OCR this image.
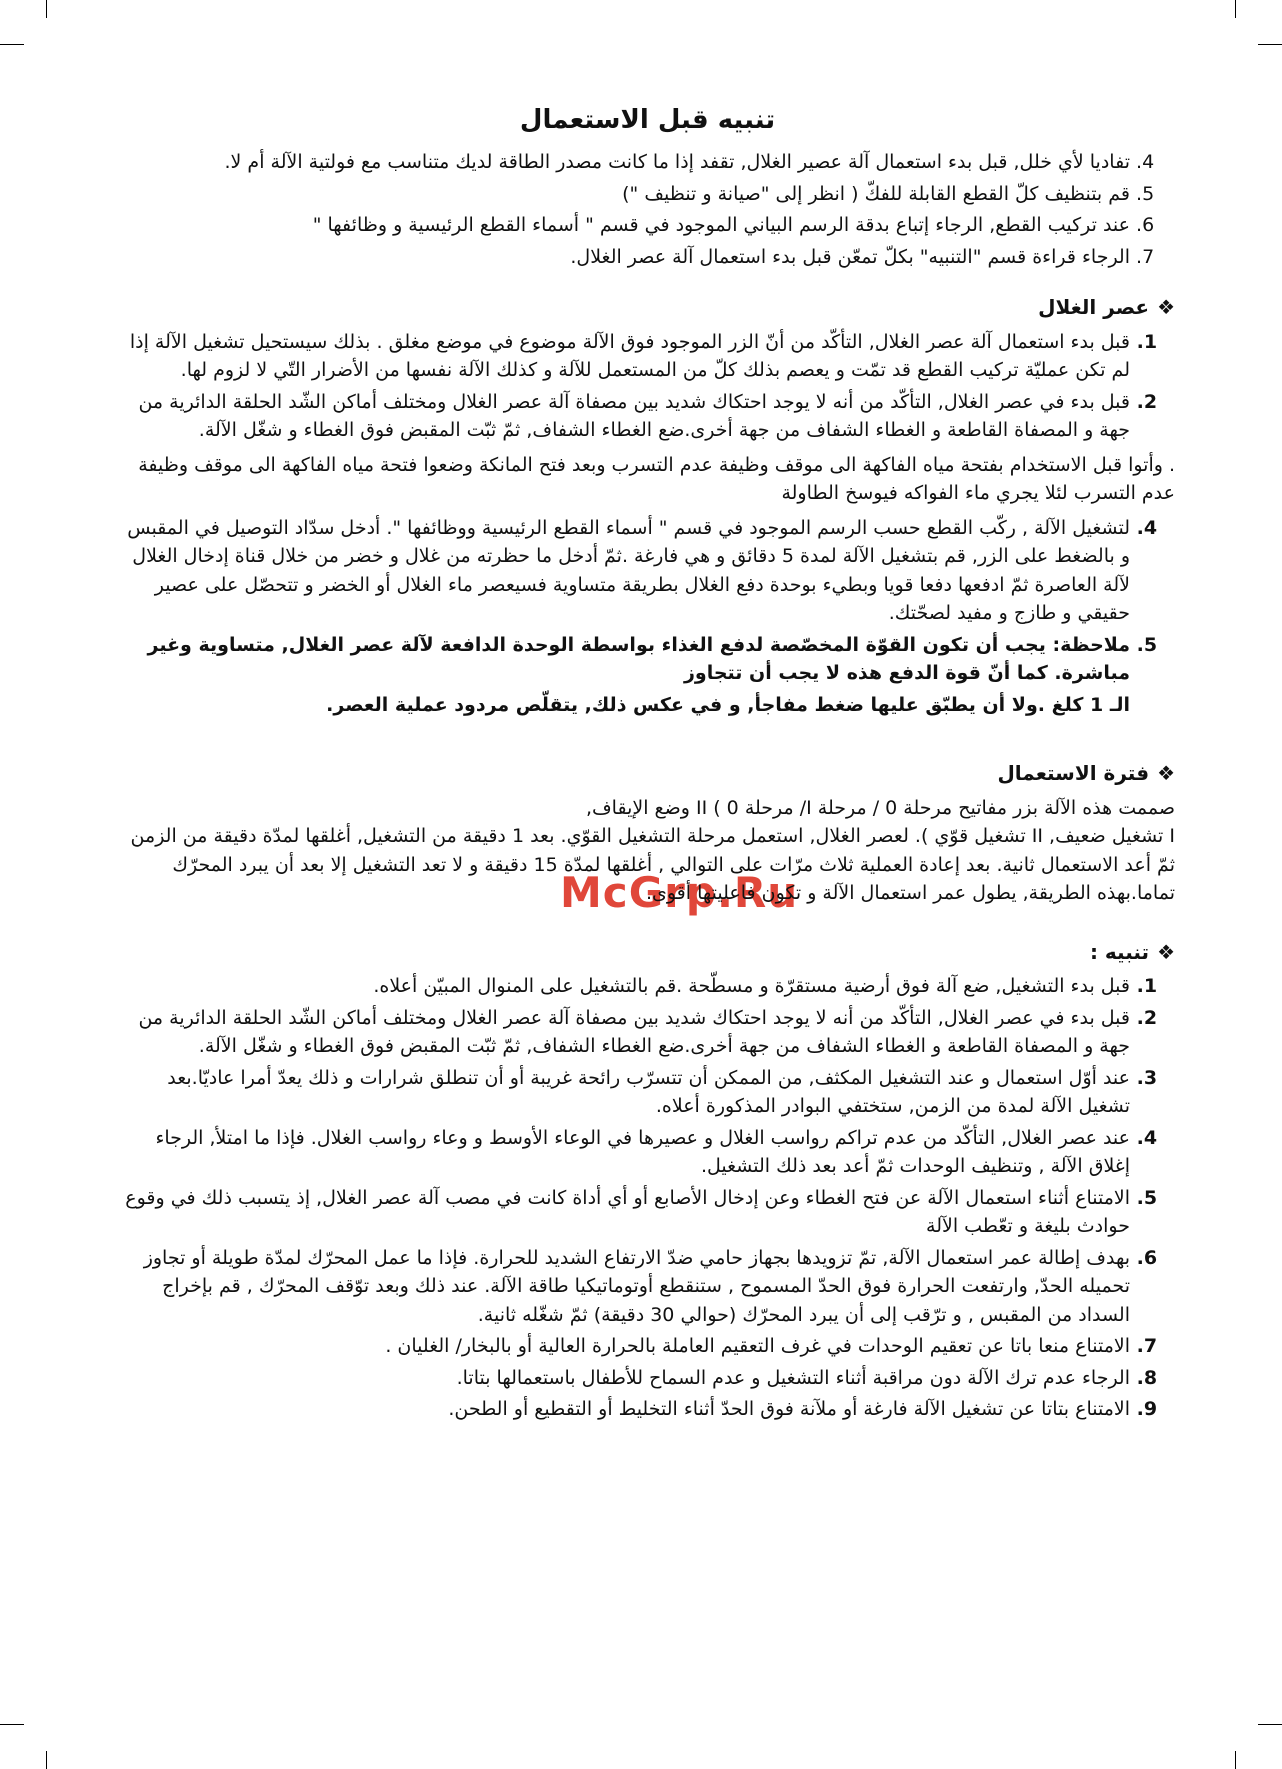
McGrp.Ru
تنبيه قبل الاستعمال
4. تفاديا لأي خلل, قبل بدء استعمال آلة عصير الغلال, تقفد إذا ما كانت مصدر الطاقة لديك متناسب مع فولتية الآلة أم لا.
5. قم بتنظيف كلّ القطع القابلة للفكّ ( انظر إلى "صيانة و تنظيف ")
6. عند تركيب القطع, الرجاء إتباع بدقة الرسم البياني الموجود في قسم " أسماء القطع الرئيسية و وظائفها "
7. الرجاء قراءة قسم "التنبيه" بكلّ تمعّن قبل بدء استعمال آلة عصر الغلال.
❖عصر الغلال
1. قبل بدء استعمال آلة عصر الغلال, التأكّد من أنّ الزر الموجود فوق الآلة موضوع في موضع مغلق . بذلك سيستحيل تشغيل الآلة إذا لم تكن عمليّة تركيب القطع قد تمّت و يعصم بذلك كلّ من المستعمل للآلة و كذلك الآلة نفسها من الأضرار التّي لا لزوم لها.
2. قبل بدء في عصر الغلال, التأكّد من أنه لا يوجد احتكاك شديد بين مصفاة آلة عصر الغلال ومختلف أماكن الشّد الحلقة الدائرية من جهة و المصفاة القاطعة و الغطاء الشفاف من جهة أخرى.ضع الغطاء الشفاف, ثمّ ثبّت المقبض فوق الغطاء و شغّل الآلة.

. وأتوا قبل الاستخدام بفتحة مياه الفاكهة الى موقف وظيفة عدم التسرب وبعد فتح المانكة وضعوا فتحة مياه الفاكهة الى موقف وظيفة عدم التسرب لئلا يجري ماء الفواكه فيوسخ الطاولة

4. لتشغيل الآلة , ركّب القطع حسب الرسم الموجود في قسم " أسماء القطع الرئيسية ووظائفها ". أدخل سدّاد التوصيل في المقبس و بالضغط على الزر, قم بتشغيل الآلة لمدة 5 دقائق و هي فارغة .ثمّ أدخل ما حظرته من غلال و خضر من خلال قناة إدخال الغلال لآلة العاصرة ثمّ ادفعها دفعا قويا وبطيء بوحدة دفع الغلال بطريقة متساوية فسيعصر ماء الغلال أو الخضر و تتحصّل على عصير حقيقي و طازج و مفيد لصحّتك.
5. ملاحظة: يجب أن تكون القوّة المخصّصة لدفع الغذاء بواسطة الوحدة الدافعة لآلة عصر الغلال, متساوية وغير مباشرة. كما أنّ قوة الدفع هذه لا يجب أن تتجاوز

الـ 1 كلغ .ولا أن يطبّق عليها ضغط مفاجأ, و في عكس ذلك, يتقلّص مردود عملية العصر.

❖فترة الاستعمال

صممت هذه الآلة بزر مفاتيح مرحلة 0 / مرحلة I/ مرحلة II ( 0 وضع الإيقاف,

I تشغيل ضعيف, II تشغيل قوّي ). لعصر الغلال, استعمل مرحلة التشغيل القوّي. بعد 1 دقيقة من التشغيل, أغلقها لمدّة دقيقة من الزمن ثمّ أعد الاستعمال ثانية. بعد إعادة العملية ثلاث مرّات على التوالي , أغلقها لمدّة 15 دقيقة و لا تعد التشغيل إلا بعد أن يبرد المحرّك تماما.بهذه الطريقة, يطول عمر استعمال الآلة و تكون فاعليتها أقوى.

❖تنبيه :
1. قبل بدء التشغيل, ضع آلة فوق أرضية مستقرّة و مسطّحة .قم بالتشغيل على المنوال المبيّن أعلاه.
2. قبل بدء في عصر الغلال, التأكّد من أنه لا يوجد احتكاك شديد بين مصفاة آلة عصر الغلال ومختلف أماكن الشّد الحلقة الدائرية من جهة و المصفاة القاطعة و الغطاء الشفاف من جهة أخرى.ضع الغطاء الشفاف, ثمّ ثبّت المقبض فوق الغطاء و شغّل الآلة.
3. عند أوّل استعمال و عند التشغيل المكثف, من الممكن أن تتسرّب رائحة غريبة أو أن تنطلق شرارات و ذلك يعدّ أمرا عاديّا.بعد تشغيل الآلة لمدة من الزمن, ستختفي البوادر المذكورة أعلاه.
4. عند عصر الغلال, التأكّد من عدم تراكم رواسب الغلال و عصيرها في الوعاء الأوسط و وعاء رواسب الغلال. فإذا ما امتلأ, الرجاء إغلاق الآلة , وتنظيف الوحدات ثمّ أعد بعد ذلك التشغيل.
5. الامتناع أثناء استعمال الآلة عن فتح الغطاء وعن إدخال الأصابع أو أي أداة كانت في مصب آلة عصر الغلال, إذ يتسبب ذلك في وقوع حوادث بليغة و تعّطب الآلة
6. بهدف إطالة عمر استعمال الآلة, تمّ تزويدها بجهاز حامي ضدّ الارتفاع الشديد للحرارة. فإذا ما عمل المحرّك لمدّة طويلة أو تجاوز تحميله الحدّ, وارتفعت الحرارة فوق الحدّ المسموح , ستنقطع أوتوماتيكيا طاقة الآلة. عند ذلك وبعد توّقف المحرّك , قم بإخراج السداد من المقبس , و ترّقب إلى أن يبرد المحرّك (حوالي 30 دقيقة) ثمّ شغّله ثانية.
7. الامتناع منعا باتا عن تعقيم الوحدات في غرف التعقيم العاملة بالحرارة العالية أو بالبخار/ الغليان .
8. الرجاء عدم ترك الآلة دون مراقبة أثناء التشغيل و عدم السماح للأطفال باستعمالها بتاتا.
9. الامتناع بتاتا عن تشغيل الآلة فارغة أو ملآنة فوق الحدّ أثناء التخليط أو التقطيع أو الطحن.
